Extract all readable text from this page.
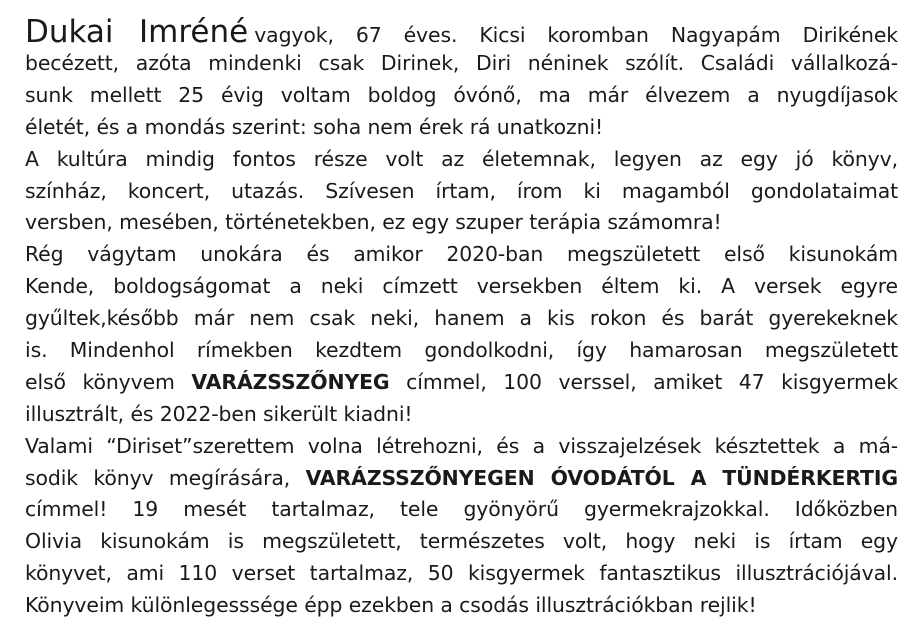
Dukai Imréné vagyok, 67 éves. Kicsi koromban Nagyapám Dirikének
becézett, azóta mindenki csak Dirinek, Diri néninek szólít. Családi vállalkozá-
sunk mellett 25 évig voltam boldog óvónő, ma már élvezem a nyugdíjasok
életét, és a mondás szerint: soha nem érek rá unatkozni!
A kultúra mindig fontos része volt az életemnak, legyen az egy jó könyv,
színház, koncert, utazás. Szívesen írtam, írom ki magamból gondolataimat
versben, mesében, történetekben, ez egy szuper terápia számomra!
Rég vágytam unokára és amikor 2020-ban megszületett első kisunokám
Kende, boldogságomat a neki címzett versekben éltem ki. A versek egyre
gyűltek,később már nem csak neki, hanem a kis rokon és barát gyerekeknek
is. Mindenhol rímekben kezdtem gondolkodni, így hamarosan megszületett
első könyvem VARÁZSSZŐNYEG címmel, 100 verssel, amiket 47 kisgyermek
illusztrált, és 2022-ben sikerült kiadni!
Valami “Diriset”szerettem volna létrehozni, és a visszajelzések késztettek a má-
sodik könyv megírására, VARÁZSSZŐNYEGEN ÓVODÁTÓL A TÜNDÉRKERTIG
címmel! 19 mesét tartalmaz, tele gyönyörű gyermekrajzokkal. Időközben
Olivia kisunokám is megszületett, természetes volt, hogy neki is írtam egy
könyvet, ami 110 verset tartalmaz, 50 kisgyermek fantasztikus illusztrációjával.
Könyveim különlegesssége épp ezekben a csodás illusztrációkban rejlik!
